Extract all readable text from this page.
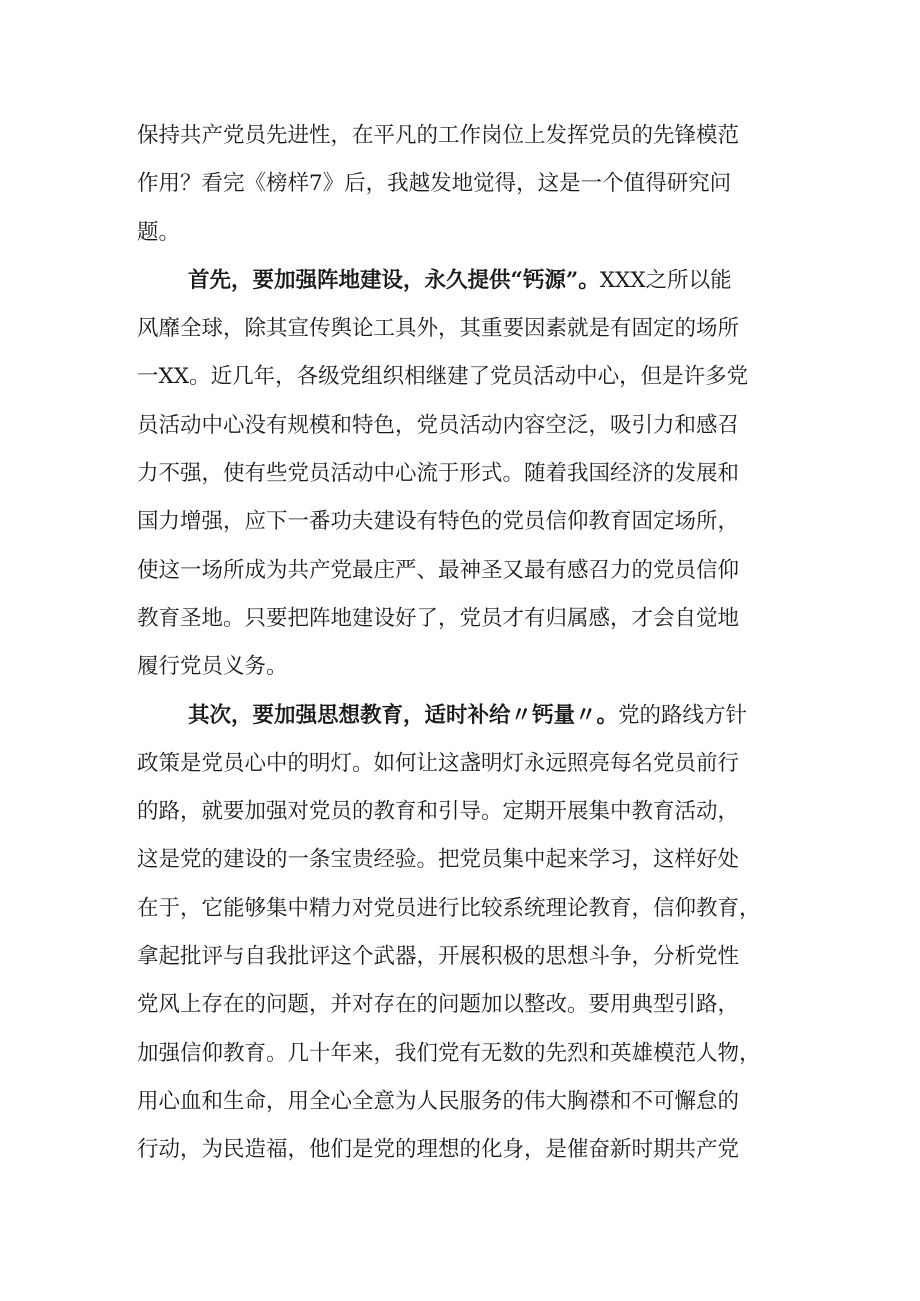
保持共产党员先进性，在平凡的工作岗位上发挥党员的先锋模范
作用？看完《榜样7》后，我越发地觉得，这是一个值得研究问
题。
首先，要加强阵地建设，永久提供“钙源”。 XXX之所以能
风靡全球，除其宣传舆论工具外，其重要因素就是有固定的场所
一XX。近几年，各级党组织相继建了党员活动中心，但是许多党
员活动中心没有规模和特色，党员活动内容空泛，吸引力和感召
力不强，使有些党员活动中心流于形式。随着我国经济的发展和
国力增强，应下一番功夫建设有特色的党员信仰教育固定场所，
使这一场所成为共产党最庄严、最神圣又最有感召力的党员信仰
教育圣地。只要把阵地建设好了，党员才有归属感，才会自觉地
履行党员义务。
其次，要加强思想教育，适时补给〃钙量〃。 党的路线方针
政策是党员心中的明灯。如何让这盏明灯永远照亮每名党员前行
的路，就要加强对党员的教育和引导。定期开展集中教育活动，
这是党的建设的一条宝贵经验。把党员集中起来学习，这样好处
在于，它能够集中精力对党员进行比较系统理论教育，信仰教育，
拿起批评与自我批评这个武器，开展积极的思想斗争，分析党性
党风上存在的问题，并对存在的问题加以整改。要用典型引路，
加强信仰教育。几十年来，我们党有无数的先烈和英雄模范人物，
用心血和生命，用全心全意为人民服务的伟大胸襟和不可懈怠的
行动，为民造福，他们是党的理想的化身，是催奋新时期共产党
